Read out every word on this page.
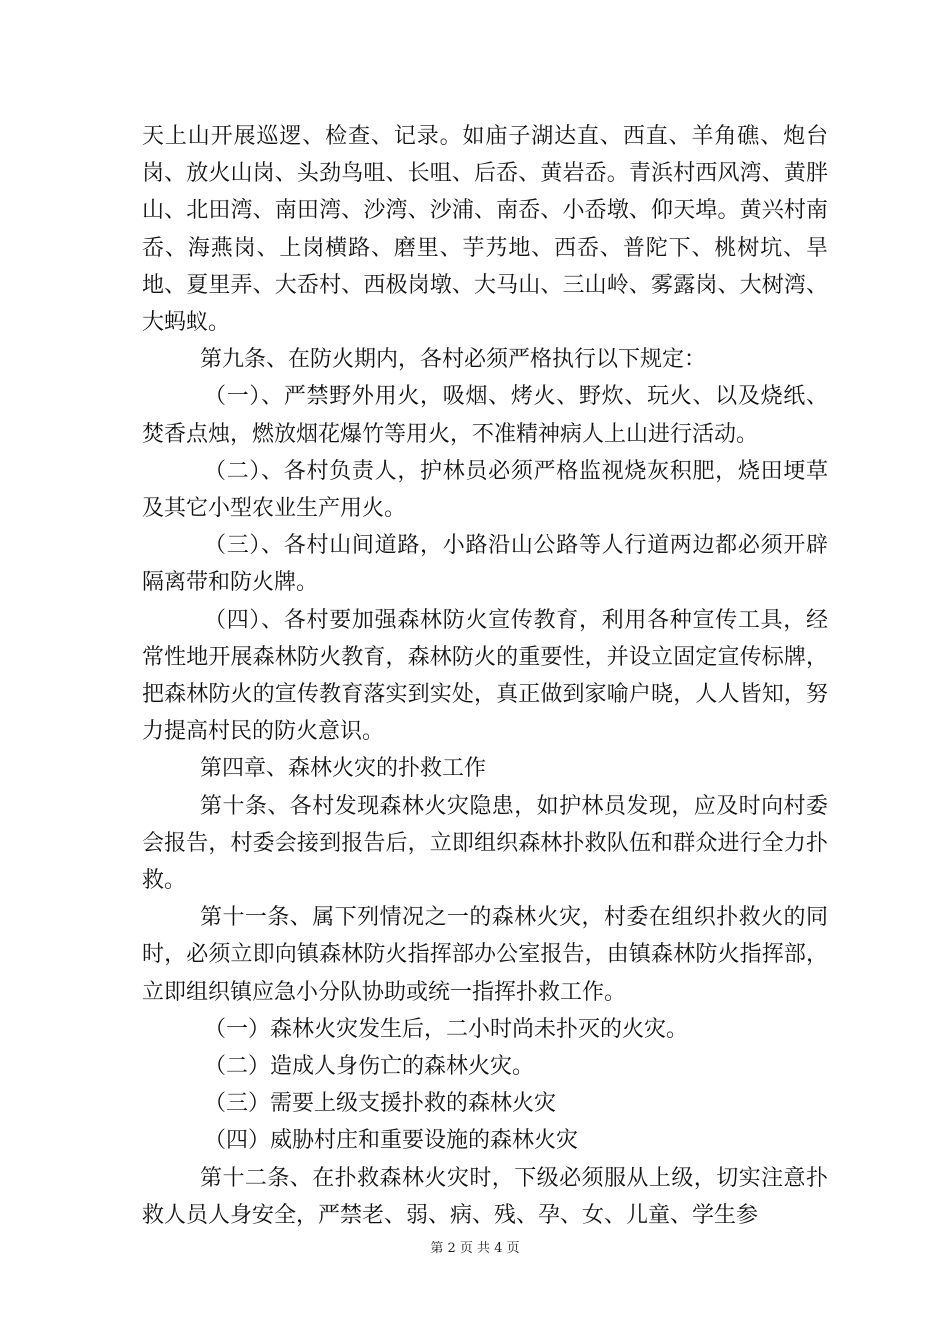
天上山开展巡逻、检查、记录。如庙子湖达直、西直、羊角礁、炮台岗、放火山岗、头劲鸟咀、长咀、后岙、黄岩岙。青浜村西风湾、黄胖山、北田湾、南田湾、沙湾、沙浦、南岙、小岙墩、仰天埠。黄兴村南岙、海燕岗、上岗横路、磨里、芋艿地、西岙、普陀下、桃树坑、旱地、夏里弄、大岙村、西极岗墩、大马山、三山岭、雾露岗、大树湾、大蚂蚁。

第九条、在防火期内，各村必须严格执行以下规定：

（一）、严禁野外用火，吸烟、烤火、野炊、玩火、以及烧纸、焚香点烛，燃放烟花爆竹等用火，不准精神病人上山进行活动。

（二）、各村负责人，护林员必须严格监视烧灰积肥，烧田埂草及其它小型农业生产用火。

（三）、各村山间道路，小路沿山公路等人行道两边都必须开辟隔离带和防火牌。

（四）、各村要加强森林防火宣传教育，利用各种宣传工具，经常性地开展森林防火教育，森林防火的重要性，并设立固定宣传标牌，把森林防火的宣传教育落实到实处，真正做到家喻户晓，人人皆知，努力提高村民的防火意识。

第四章、森林火灾的扑救工作

第十条、各村发现森林火灾隐患，如护林员发现，应及时向村委会报告，村委会接到报告后，立即组织森林扑救队伍和群众进行全力扑救。

第十一条、属下列情况之一的森林火灾，村委在组织扑救火的同时，必须立即向镇森林防火指挥部办公室报告，由镇森林防火指挥部，立即组织镇应急小分队协助或统一指挥扑救工作。

（一）森林火灾发生后，二小时尚未扑灭的火灾。

（二）造成人身伤亡的森林火灾。

（三）需要上级支援扑救的森林火灾

（四）威胁村庄和重要设施的森林火灾

第十二条、在扑救森林火灾时，下级必须服从上级，切实注意扑救人员人身安全，严禁老、弱、病、残、孕、女、儿童、学生参

第 2 页 共 4 页
